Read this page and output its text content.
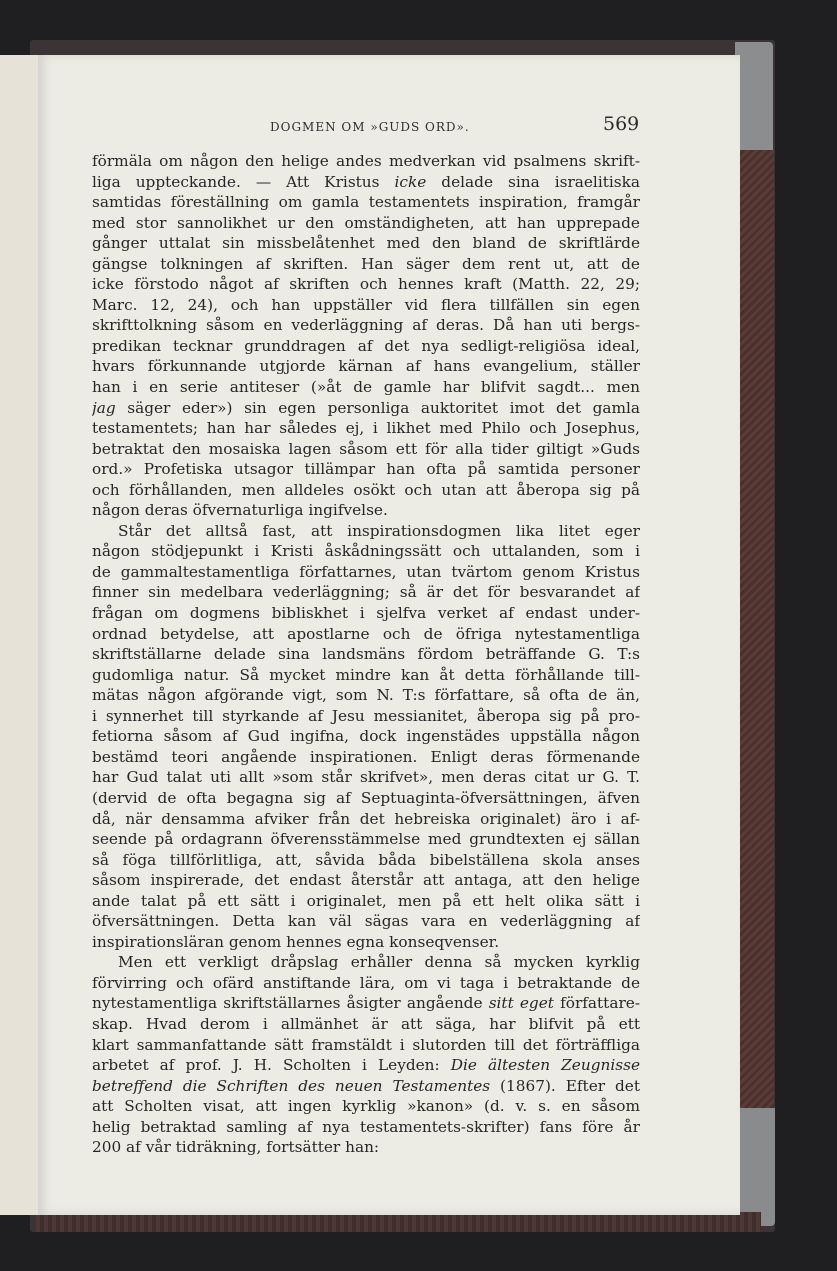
DOGMEN OM »GUDS ORD».	569
förmäla om någon den helige andes medverkan vid psalmens skrift-
liga uppteckande. — Att Kristus icke delade sina israelitiska
samtidas föreställning om gamla testamentets inspiration, framgår
med stor sannolikhet ur den omständigheten, att han upprepade
gånger uttalat sin missbelåtenhet med den bland de skriftlärde
gängse tolkningen af skriften. Han säger dem rent ut, att de
icke förstodo något af skriften och hennes kraft (Matth. 22, 29;
Marc. 12, 24), och han uppställer vid flera tillfällen sin egen
skrifttolkning såsom en vederläggning af deras. Då han uti bergs-
predikan tecknar grunddragen af det nya sedligt-religiösa ideal,
hvars förkunnande utgjorde kärnan af hans evangelium, ställer
han i en serie antiteser (»åt de gamle har blifvit sagdt... men
jag säger eder») sin egen personliga auktoritet imot det gamla
testamentets; han har således ej, i likhet med Philo och Josephus,
betraktat den mosaiska lagen såsom ett för alla tider giltigt »Guds
ord.» Profetiska utsagor tillämpar han ofta på samtida personer
och förhållanden, men alldeles osökt och utan att åberopa sig på
någon deras öfvernaturliga ingifvelse.
Står det alltså fast, att inspirationsdogmen lika litet eger
någon stödjepunkt i Kristi åskådningssätt och uttalanden, som i
de gammaltestamentliga författarnes, utan tvärtom genom Kristus
finner sin medelbara vederläggning; så är det för besvarandet af
frågan om dogmens bibliskhet i sjelfva verket af endast under-
ordnad betydelse, att apostlarne och de öfriga nytestamentliga
skriftställarne delade sina landsmäns fördom beträffande G. T:s
gudomliga natur. Så mycket mindre kan åt detta förhållande till-
mätas någon afgörande vigt, som N. T:s författare, så ofta de än,
i synnerhet till styrkande af Jesu messianitet, åberopa sig på pro-
fetiorna såsom af Gud ingifna, dock ingenstädes uppställa någon
bestämd teori angående inspirationen. Enligt deras förmenande
har Gud talat uti allt »som står skrifvet», men deras citat ur G. T.
(dervid de ofta begagna sig af Septuaginta-öfversättningen, äfven
då, när densamma afviker från det hebreiska originalet) äro i af-
seende på ordagrann öfverensstämmelse med grundtexten ej sällan
så föga tillförlitliga, att, såvida båda bibelställena skola anses
såsom inspirerade, det endast återstår att antaga, att den helige
ande talat på ett sätt i originalet, men på ett helt olika sätt i
öfversättningen. Detta kan väl sägas vara en vederläggning af
inspirationsläran genom hennes egna konseqvenser.
Men ett verkligt dråpslag erhåller denna så mycken kyrklig
förvirring och ofärd anstiftande lära, om vi taga i betraktande de
nytestamentliga skriftställarnes åsigter angående sitt eget författare-
skap. Hvad derom i allmänhet är att säga, har blifvit på ett
klart sammanfattande sätt framstäldt i slutorden till det förträffliga
arbetet af prof. J. H. Scholten i Leyden: Die ältesten Zeugnisse
betreffend die Schriften des neuen Testamentes (1867). Efter det
att Scholten visat, att ingen kyrklig »kanon» (d. v. s. en såsom
helig betraktad samling af nya testamentets-skrifter) fans före år
200 af vår tidräkning, fortsätter han:
